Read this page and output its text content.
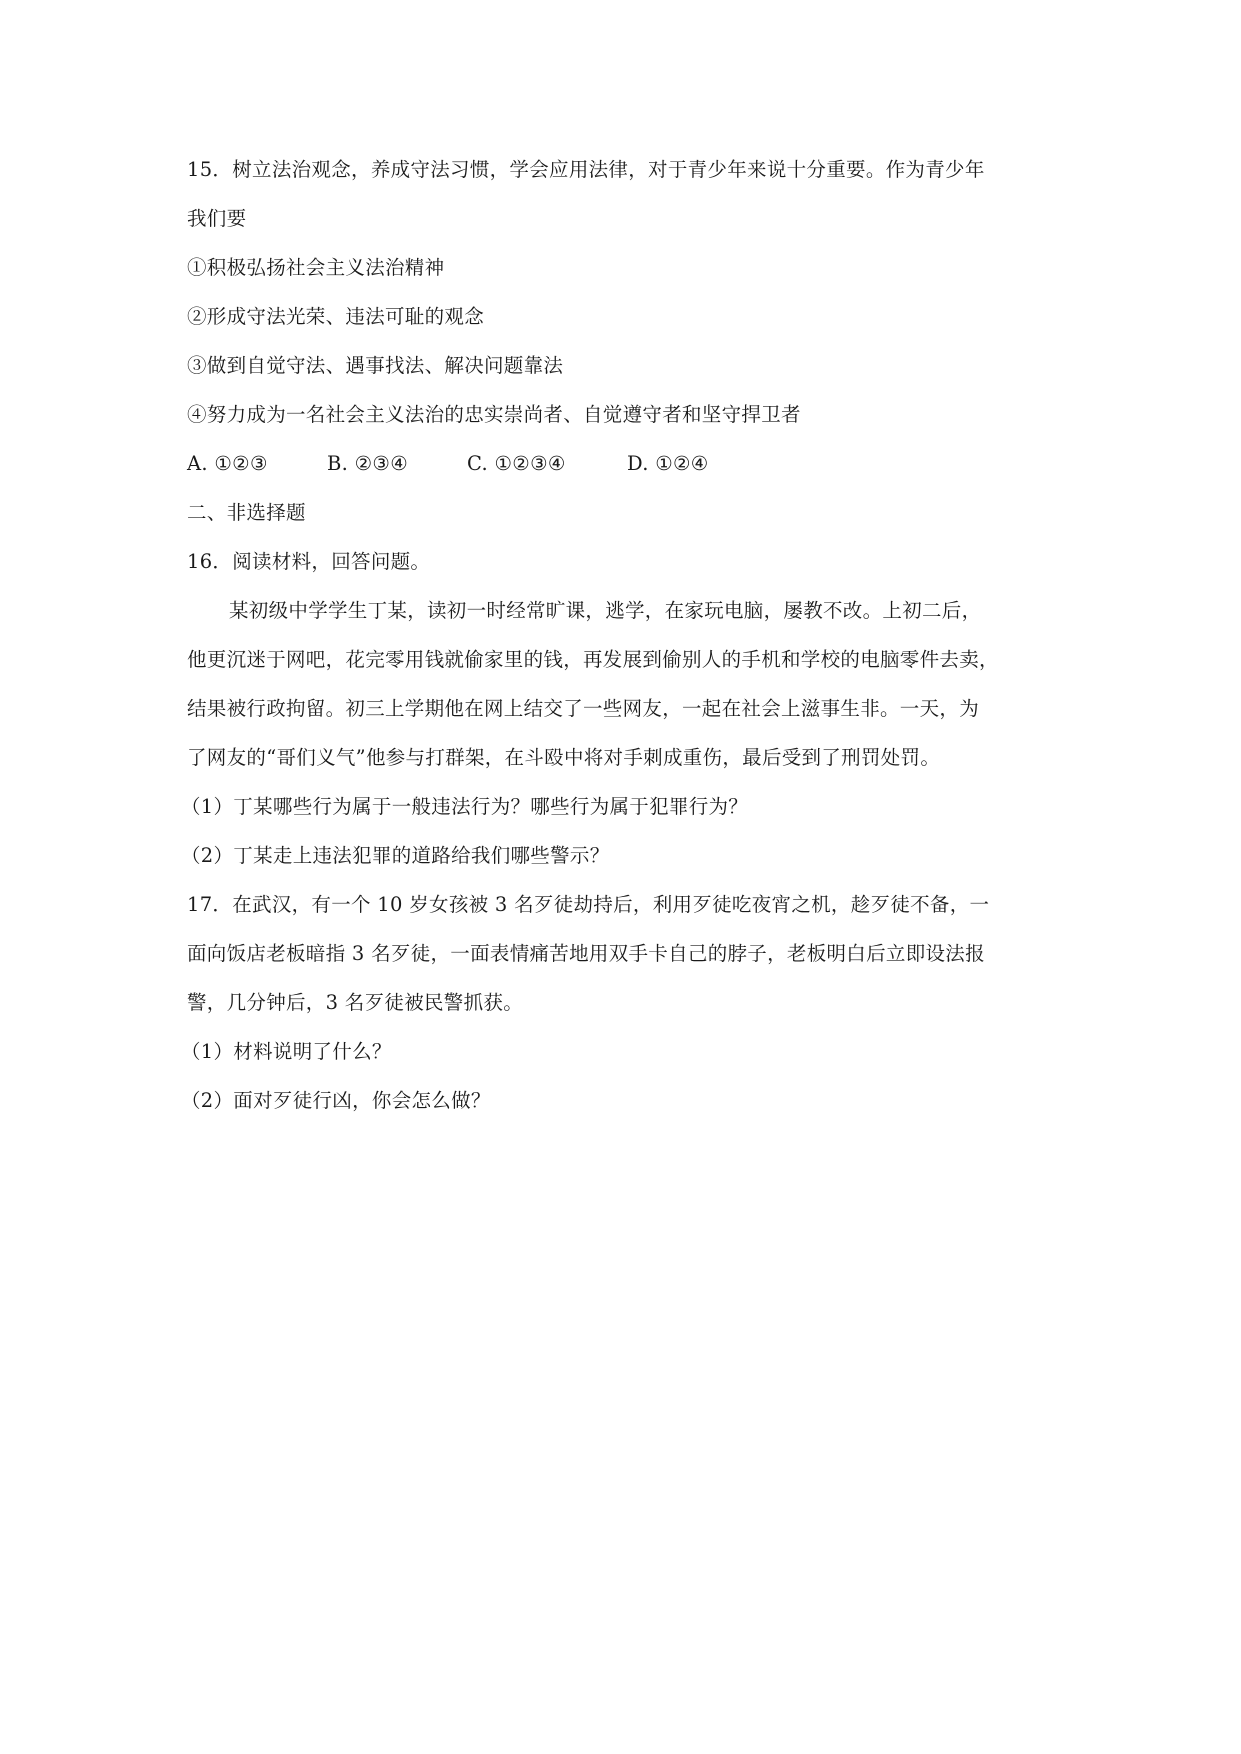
15．树立法治观念，养成守法习惯，学会应用法律，对于青少年来说十分重要。作为青少年
我们要
①积极弘扬社会主义法治精神
②形成守法光荣、违法可耻的观念
③做到自觉守法、遇事找法、解决问题靠法
④努力成为一名社会主义法治的忠实崇尚者、自觉遵守者和坚守捍卫者
A. ①②③	B. ②③④	C. ①②③④	D. ①②④
二、非选择题
16．阅读材料，回答问题。
某初级中学学生丁某，读初一时经常旷课，逃学，在家玩电脑，屡教不改。上初二后，
他更沉迷于网吧，花完零用钱就偷家里的钱，再发展到偷别人的手机和学校的电脑零件去卖，
结果被行政拘留。初三上学期他在网上结交了一些网友，一起在社会上滋事生非。一天，为
了网友的“哥们义气”他参与打群架，在斗殴中将对手刺成重伤，最后受到了刑罚处罚。
（1）丁某哪些行为属于一般违法行为？哪些行为属于犯罪行为？
（2）丁某走上违法犯罪的道路给我们哪些警示？
17．在武汉，有一个 10 岁女孩被 3 名歹徒劫持后，利用歹徒吃夜宵之机，趁歹徒不备，一
面向饭店老板暗指 3 名歹徒，一面表情痛苦地用双手卡自己的脖子，老板明白后立即设法报
警，几分钟后，3 名歹徒被民警抓获。
（1）材料说明了什么？
（2）面对歹徒行凶，你会怎么做？
